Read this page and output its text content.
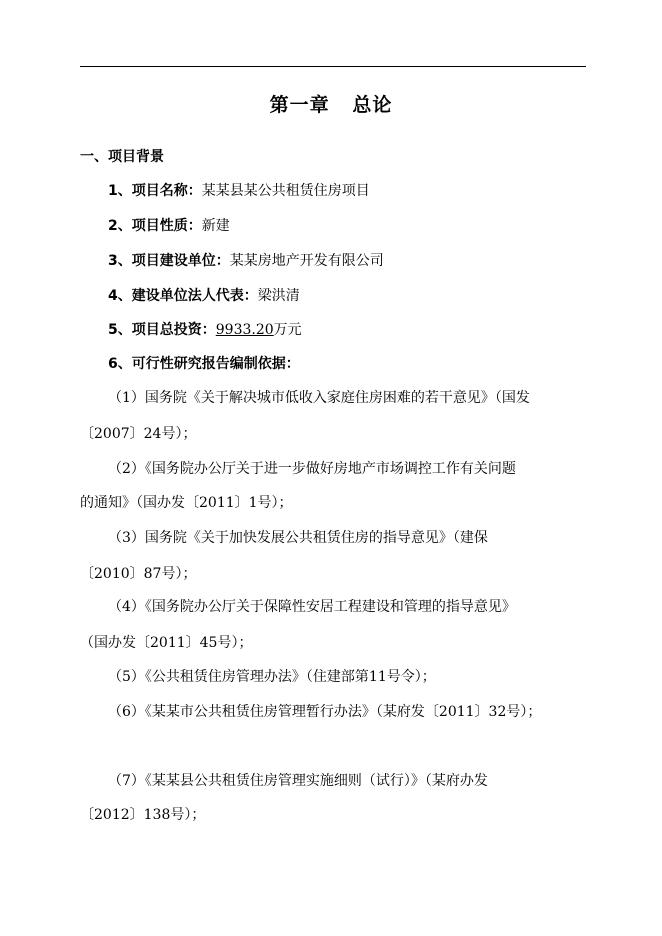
第一章   总论
一、项目背景
1、项目名称：某某县某公共租赁住房项目
2、项目性质：新建
3、项目建设单位：某某房地产开发有限公司
4、建设单位法人代表：梁洪清
5、项目总投资：9933.20万元
6、可行性研究报告编制依据：
（1）国务院《关于解决城市低收入家庭住房困难的若干意见》（国发
〔2007〕24号）；
（2）《国务院办公厅关于进一步做好房地产市场调控工作有关问题
的通知》（国办发〔2011〕1号）；
（3）国务院《关于加快发展公共租赁住房的指导意见》（建保
〔2010〕87号）；
（4）《国务院办公厅关于保障性安居工程建设和管理的指导意见》
（国办发〔2011〕45号）；
（5）《公共租赁住房管理办法》（住建部第11号令）；
（6）《某某市公共租赁住房管理暂行办法》（某府发〔2011〕32号）；
（7）《某某县公共租赁住房管理实施细则（试行）》（某府办发
〔2012〕138号）；
